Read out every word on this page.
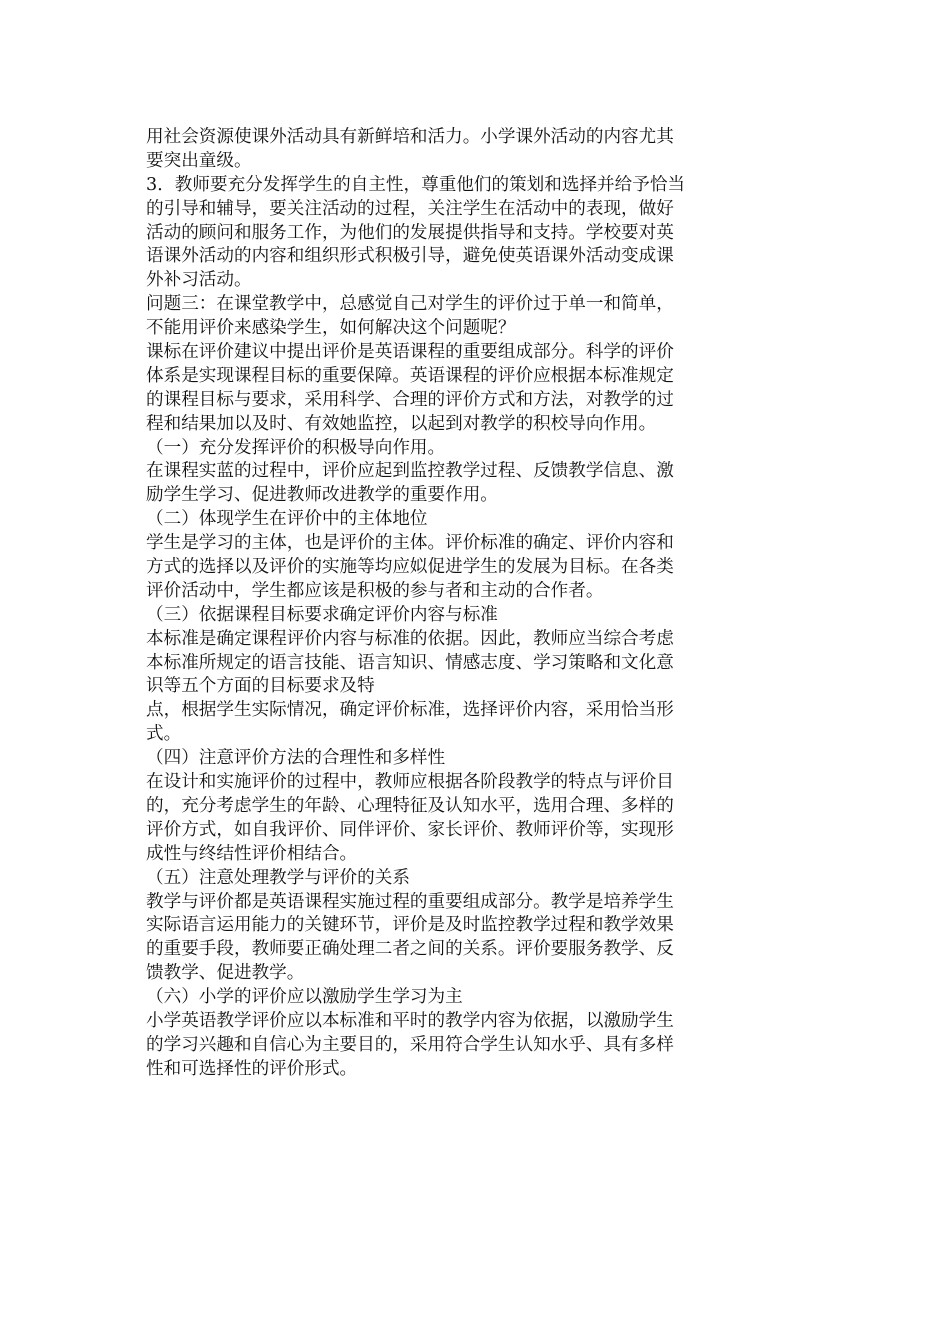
用社会资源使课外活动具有新鲜培和活力。小学课外活动的内容尤其
要突出童级。
3．教师要充分发挥学生的自主性，尊重他们的策划和选择并给予恰当
的引导和辅导，要关注活动的过程，关注学生在活动中的表现，做好
活动的顾问和服务工作，为他们的发展提供指导和支持。学校要对英
语课外活动的内容和组织形式积极引导，避免使英语课外活动变成课
外补习活动。
问题三：在课堂教学中，总感觉自己对学生的评价过于单一和简单，
不能用评价来感染学生，如何解决这个问题呢？
课标在评价建议中提出评价是英语课程的重要组成部分。科学的评价
体系是实现课程目标的重要保障。英语课程的评价应根据本标准规定
的课程目标与要求，采用科学、合理的评价方式和方法，对教学的过
程和结果加以及时、有效她监控，以起到对教学的积校导向作用。
（一）充分发挥评价的积极导向作用。
在课程实蓝的过程中，评价应起到监控教学过程、反馈教学信息、激
励学生学习、促进教师改进教学的重要作用。
（二）体现学生在评价中的主体地位
学生是学习的主体，也是评价的主体。评价标准的确定、评价内容和
方式的选择以及评价的实施等均应姒促进学生的发展为目标。在各类
评价活动中，学生都应该是积极的参与者和主动的合作者。
（三）依据课程目标要求确定评价内容与标准
本标准是确定课程评价内容与标准的依据。因此，教师应当综合考虑
本标准所规定的语言技能、语言知识、情感志度、学习策略和文化意
识等五个方面的目标要求及特
点，根据学生实际情况，确定评价标准，选择评价内容，采用恰当形
式。
（四）注意评价方法的合理性和多样性
在设计和实施评价的过程中，教师应根据各阶段教学的特点与评价目
的，充分考虑学生的年龄、心理特征及认知水平，选用合理、多样的
评价方式，如自我评价、同伴评价、家长评价、教师评价等，实现形
成性与终结性评价相结合。
（五）注意处理教学与评价的关系
教学与评价都是英语课程实施过程的重要组成部分。教学是培养学生
实际语言运用能力的关键环节，评价是及时监控教学过程和教学效果
的重要手段，教师要正确处理二者之间的关系。评价要服务教学、反
馈教学、促进教学。
（六）小学的评价应以激励学生学习为主
小学英语教学评价应以本标准和平时的教学内容为依据，以激励学生
的学习兴趣和自信心为主要目的，采用符合学生认知水乎、具有多样
性和可选择性的评价形式。
